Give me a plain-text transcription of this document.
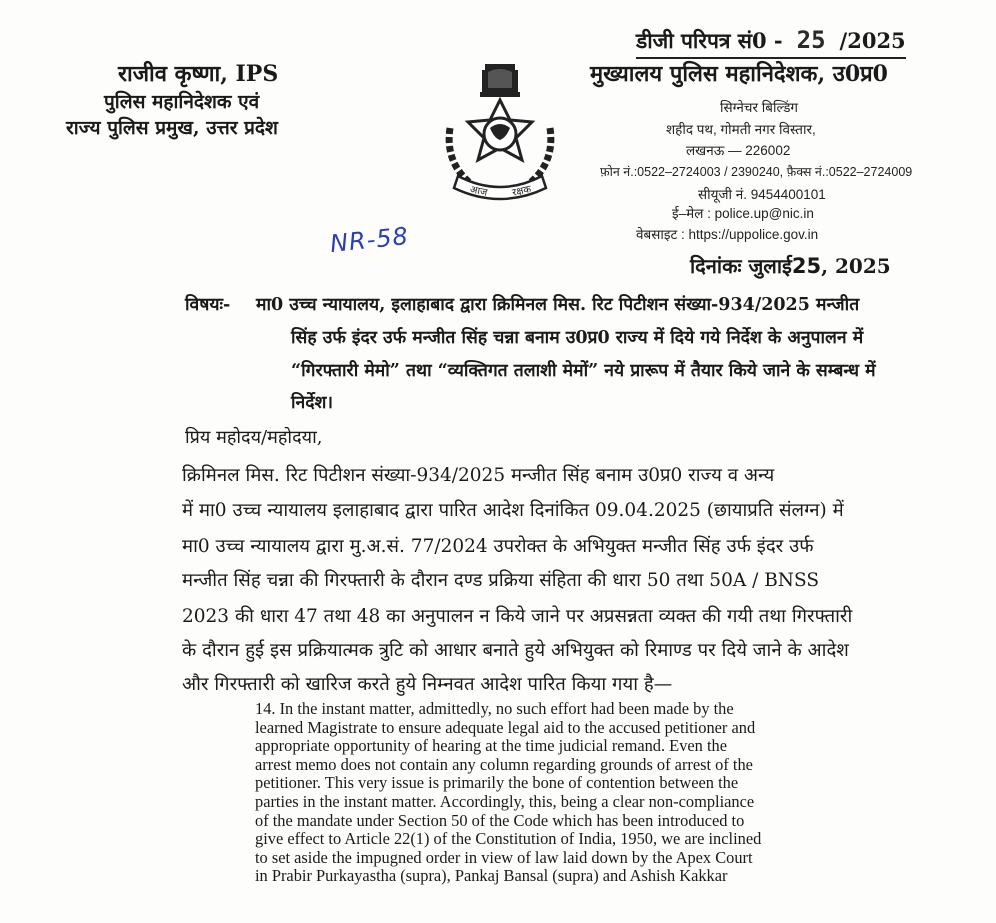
राजीव कृष्णा, IPS
पुलिस महानिदेशक एवं
राज्य पुलिस प्रमुख, उत्तर प्रदेश
आज रक्षक
डीजी परिपत्र सं0 - 25 /2025
मुख्यालय पुलिस महानिदेशक, उ0प्र0
सिग्नेचर बिल्डिंग
शहीद पथ, गोमती नगर विस्तार,
लखनऊ — 226002
फ़ोन नं.:0522–2724003 / 2390240, फ़ैक्स नं.:0522–2724009
सीयूजी नं. 9454400101
ई–मेल : police.up@nic.in
वेबसाइट : https://uppolice.gov.in
NR-58
दिनांकः जुलाई25, 2025
विषयः- मा0 उच्च न्यायालय, इलाहाबाद द्वारा क्रिमिनल मिस. रिट पिटीशन संख्या-934/2025 मन्जीत
सिंह उर्फ इंदर उर्फ मन्जीत सिंह चन्ना बनाम उ0प्र0 राज्य में दिये गये निर्देश के अनुपालन में
“गिरफ्तारी मेमो” तथा “व्यक्तिगत तलाशी मेमों” नये प्रारूप में तैयार किये जाने के सम्बन्ध में
निर्देश।
प्रिय महोदय/महोदया,
क्रिमिनल मिस. रिट पिटीशन संख्या-934/2025 मन्जीत सिंह बनाम उ0प्र0 राज्य व अन्य
में मा0 उच्च न्यायालय इलाहाबाद द्वारा पारित आदेश दिनांकित 09.04.2025 (छायाप्रति संलग्न) में
मा0 उच्च न्यायालय द्वारा मु.अ.सं. 77/2024 उपरोक्त के अभियुक्त मन्जीत सिंह उर्फ इंदर उर्फ
मन्जीत सिंह चन्ना की गिरफ्तारी के दौरान दण्ड प्रक्रिया संहिता की धारा 50 तथा 50A / BNSS
2023 की धारा 47 तथा 48 का अनुपालन न किये जाने पर अप्रसन्नता व्यक्त की गयी तथा गिरफ्तारी
के दौरान हुई इस प्रक्रियात्मक त्रुटि को आधार बनाते हुये अभियुक्त को रिमाण्ड पर दिये जाने के आदेश
और गिरफ्तारी को खारिज करते हुये निम्नवत आदेश पारित किया गया है—
14. In the instant matter, admittedly, no such effort had been made by the
learned Magistrate to ensure adequate legal aid to the accused petitioner and
appropriate opportunity of hearing at the time judicial remand. Even the
arrest memo does not contain any column regarding grounds of arrest of the
petitioner. This very issue is primarily the bone of contention between the
parties in the instant matter. Accordingly, this, being a clear non-compliance
of the mandate under Section 50 of the Code which has been introduced to
give effect to Article 22(1) of the Constitution of India, 1950, we are inclined
to set aside the impugned order in view of law laid down by the Apex Court
in Prabir Purkayastha (supra), Pankaj Bansal (supra) and Ashish Kakkar
